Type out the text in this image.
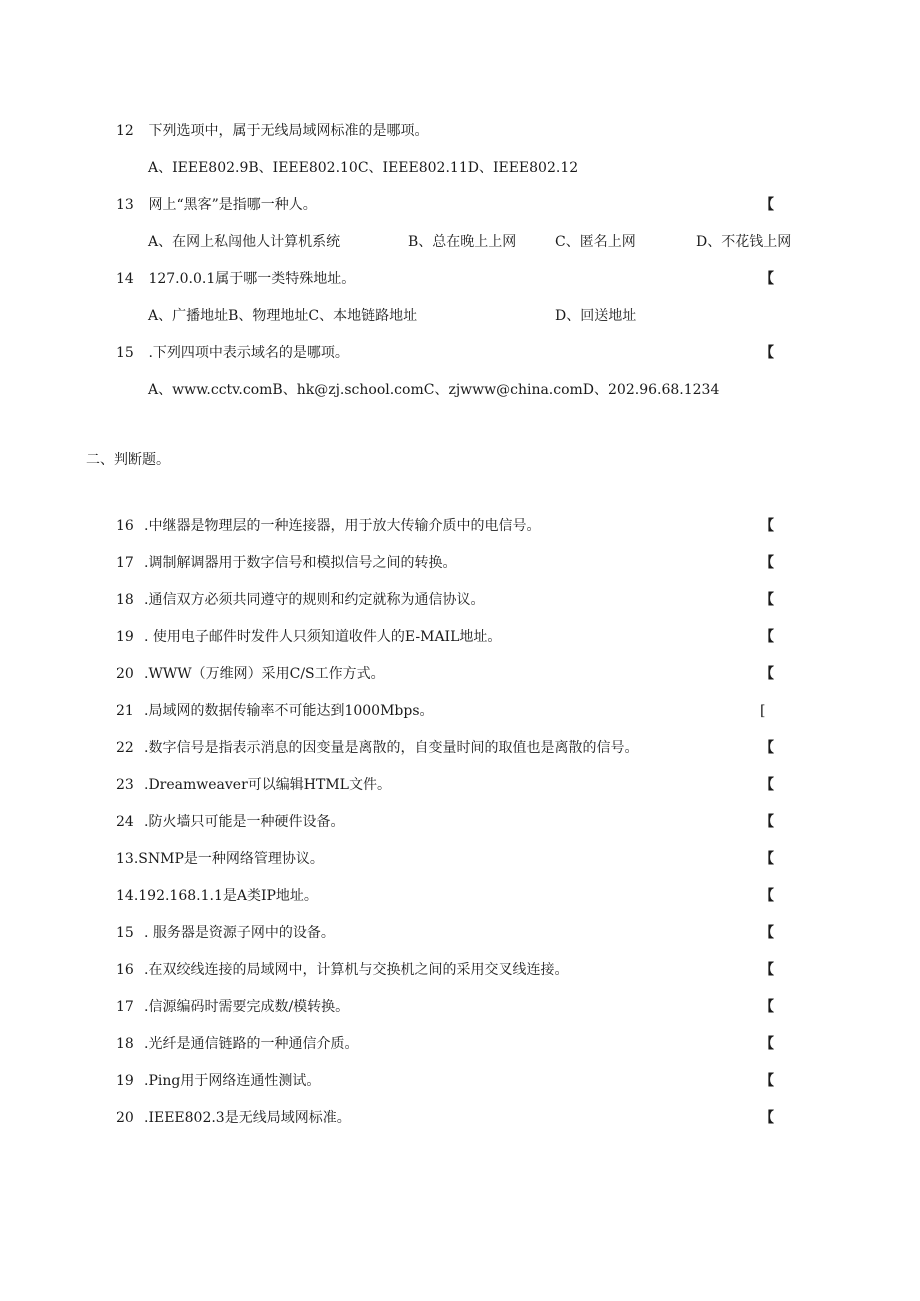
12 下列选项中，属于无线局域网标准的是哪项。
A、IEEE802.9B、IEEE802.10C、IEEE802.11D、IEEE802.12
13 网上“黑客”是指哪一种人。	【
A、在网上私闯他人计算机系统	B、总在晚上上网	C、匿名上网	D、不花钱上网
14 127.0.0.1属于哪一类特殊地址。	【
A、广播地址B、物理地址C、本地链路地址	D、回送地址
15 .下列四项中表示域名的是哪项。	【
A、www.cctv.comB、hk@zj.school.comC、zjwww@china.comD、202.96.68.1234
二、判断题。
16 .中继器是物理层的一种连接器，用于放大传输介质中的电信号。	【
17 .调制解调器用于数字信号和模拟信号之间的转换。	【
18 .通信双方必须共同遵守的规则和约定就称为通信协议。	【
19 . 使用电子邮件时发件人只须知道收件人的E-MAIL地址。	【
20 .WWW（万维网）采用C/S工作方式。	【
21 .局域网的数据传输率不可能达到1000Mbps。	[
22 .数字信号是指表示消息的因变量是离散的，自变量时间的取值也是离散的信号。	【
23 .Dreamweaver可以编辑HTML文件。	【
24 .防火墙只可能是一种硬件设备。	【
13.SNMP是一种网络管理协议。	【
14.192.168.1.1是A类IP地址。	【
15 . 服务器是资源子网中的设备。	【
16 .在双绞线连接的局域网中，计算机与交换机之间的采用交叉线连接。	【
17 .信源编码时需要完成数/模转换。	【
18 .光纤是通信链路的一种通信介质。	【
19 .Ping用于网络连通性测试。	【
20 .IEEE802.3是无线局域网标准。	【
